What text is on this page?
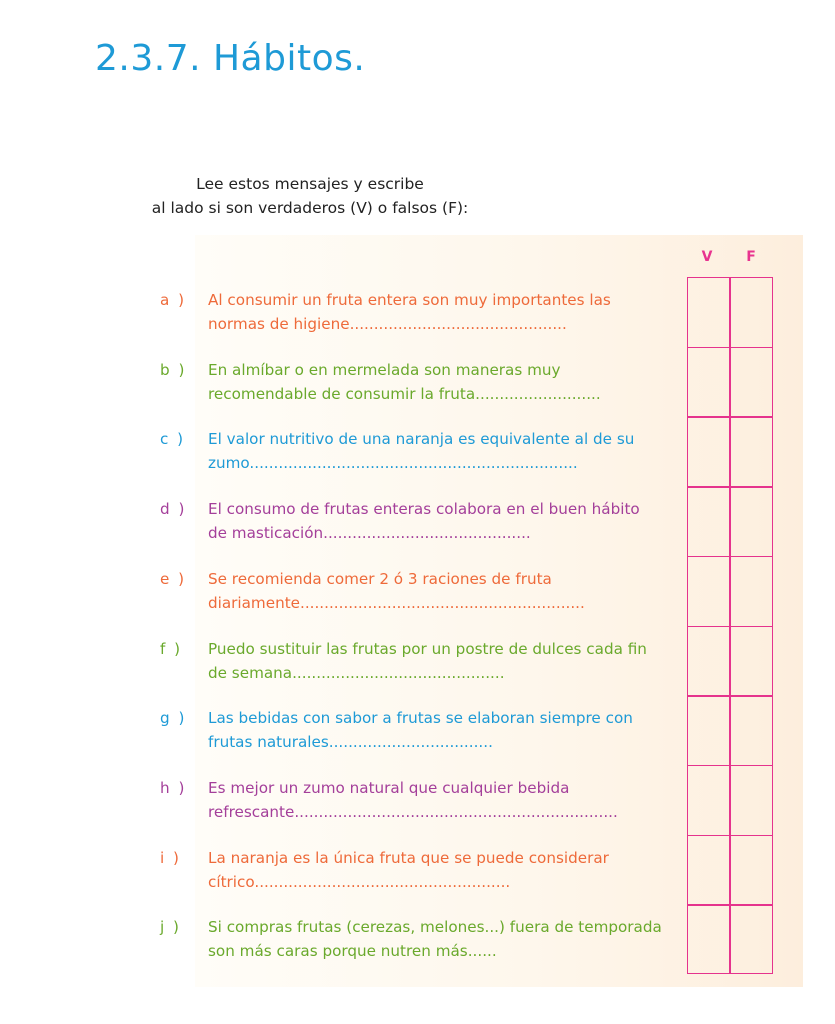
2.3.7. Hábitos.
Lee estos mensajes y escribe
al lado si son verdaderos (V) o falsos (F):
V	F
a )	Al consumir un fruta entera son muy importantes las normas de higiene.............................................
b )	En almíbar o en mermelada son maneras muy recomendable de consumir la fruta..........................
c )	El valor nutritivo de una naranja es equivalente al de su zumo....................................................................
d )	El consumo de frutas enteras colabora en el buen hábito de masticación...........................................
e )	Se recomienda comer 2 ó 3 raciones de fruta diariamente...........................................................
f )	Puedo sustituir las frutas por un postre de dulces cada fin de semana............................................
g )	Las bebidas con sabor a frutas se elaboran siempre con frutas naturales..................................
h )	Es mejor un zumo natural que cualquier bebida refrescante...................................................................
i )	La naranja es la única fruta que se puede considerar cítrico.....................................................
j )	Si compras frutas (cerezas, melones...) fuera de temporada son más caras porque nutren más......
